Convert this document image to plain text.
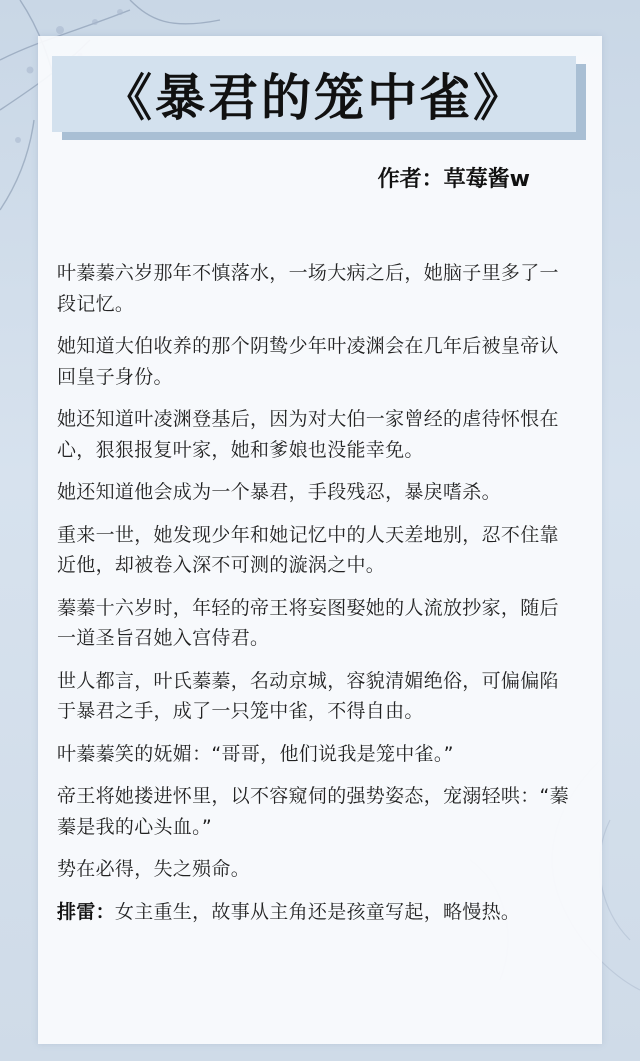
《暴君的笼中雀》
作者：草莓酱w

叶蓁蓁六岁那年不慎落水，一场大病之后，她脑子里多了一段记忆。

她知道大伯收养的那个阴鸷少年叶凌渊会在几年后被皇帝认回皇子身份。

她还知道叶凌渊登基后，因为对大伯一家曾经的虐待怀恨在心，狠狠报复叶家，她和爹娘也没能幸免。

她还知道他会成为一个暴君，手段残忍，暴戾嗜杀。

重来一世，她发现少年和她记忆中的人天差地别，忍不住靠近他，却被卷入深不可测的漩涡之中。

蓁蓁十六岁时，年轻的帝王将妄图娶她的人流放抄家，随后一道圣旨召她入宫侍君。

世人都言，叶氏蓁蓁，名动京城，容貌清媚绝俗，可偏偏陷于暴君之手，成了一只笼中雀，不得自由。

叶蓁蓁笑的妩媚：“哥哥，他们说我是笼中雀。”

帝王将她搂进怀里，以不容窥伺的强势姿态，宠溺轻哄：“蓁蓁是我的心头血。”

势在必得，失之殒命。

排雷：女主重生，故事从主角还是孩童写起，略慢热。
